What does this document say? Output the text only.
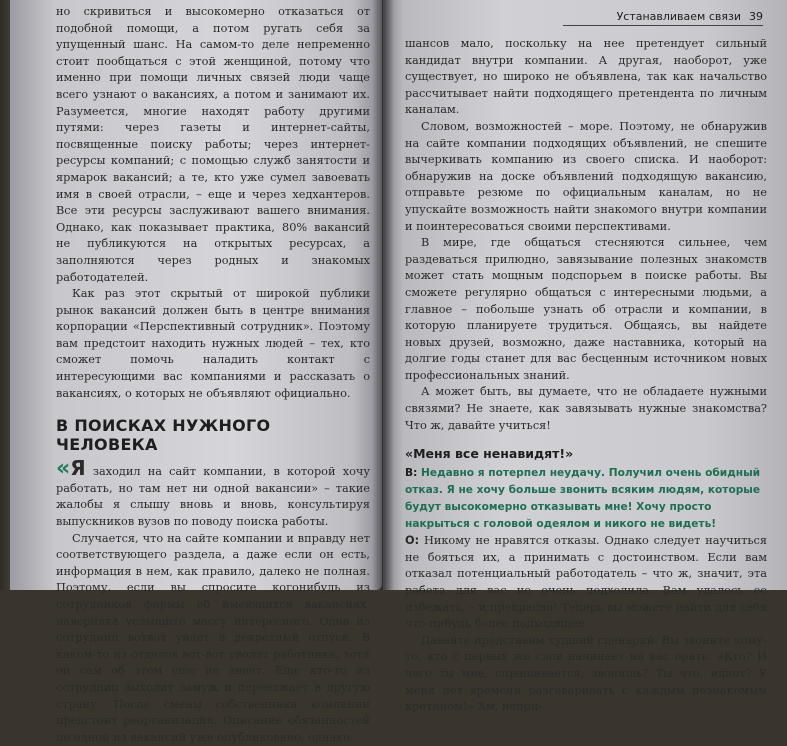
но скривиться и высокомерно отказаться от подобной помощи, а потом ругать себя за упущенный шанс. На самом-то деле непременно стоит пообщаться с этой женщиной, потому что именно при помощи личных связей люди чаще всего узнают о вакансиях, а потом и занимают их. Разумеется, многие находят работу другими путями: через газеты и интернет-сайты, посвященные поиску работы; через интернет-ресурсы компаний; с помощью служб занятости и ярмарок вакансий; а те, кто уже сумел завоевать имя в своей отрасли, – еще и через хедхантеров. Все эти ресурсы заслуживают вашего внимания. Однако, как показывает практика, 80% вакансий не публикуются на открытых ресурсах, а заполняются через родных и знакомых работодателей.

Как раз этот скрытый от широкой публики рынок вакансий должен быть в центре внимания корпорации «Перспективный сотрудник». Поэтому вам предстоит находить нужных людей – тех, кто сможет помочь наладить контакт с интересующими вас компаниями и рассказать о вакансиях, о которых не объявляют официально.

В ПОИСКАХ НУЖНОГО ЧЕЛОВЕКА

«Я заходил на сайт компании, в которой хочу работать, но там нет ни одной вакансии» – такие жалобы я слышу вновь и вновь, консультируя выпускников вузов по поводу поиска работы.

Случается, что на сайте компании и вправду нет соответствующего раздела, а даже если он есть, информация в нем, как правило, далеко не полная. Поэтому, если вы спросите когонибудь из сотрудников фирмы об имеющихся вакансиях, наверняка услышите массу интересного. Одна из сотрудниц вотвот уйдет в декретный отпуск. В каком-то из отделов вот-вот уволят работника, хотя он сам об этом еще не знает. Еще кто-то из сотрудниц выходит замуж и переезжает в другую страну. После смены собственника компании предстоит реорганизация. Описание обязанностей по одной из вакансий уже опубликовано, однако

Устанавливаем связи 39

шансов мало, поскольку на нее претендует сильный кандидат внутри компании. А другая, наоборот, уже существует, но широко не объявлена, так как начальство рассчитывает найти подходящего претендента по личным каналам.

Словом, возможностей – море. Поэтому, не обнаружив на сайте компании подходящих объявлений, не спешите вычеркивать компанию из своего списка. И наоборот: обнаружив на доске объявлений подходящую вакансию, отправьте резюме по официальным каналам, но не упускайте возможность найти знакомого внутри компании и поинтересоваться своими перспективами.

В мире, где общаться стесняются сильнее, чем раздеваться прилюдно, завязывание полезных знакомств может стать мощным подспорьем в поиске работы. Вы сможете регулярно общаться с интересными людьми, а главное – побольше узнать об отрасли и компании, в которую планируете трудиться. Общаясь, вы найдете новых друзей, возможно, даже наставника, который на долгие годы станет для вас бесценным источником новых профессиональных знаний.

А может быть, вы думаете, что не обладаете нужными связями? Не знаете, как завязывать нужные знакомства? Что ж, давайте учиться!

«Меня все ненавидят!»

В: Недавно я потерпел неудачу. Получил очень обидный отказ. Я не хочу больше звонить всяким людям, которые будут высокомерно отказывать мне! Хочу просто накрыться с головой одеялом и никого не видеть!

О: Никому не нравятся отказы. Однако следует научиться не бояться их, а принимать с достоинством. Если вам отказал потенциальный работодатель – что ж, значит, эта работа для вас не очень подходила. Вам удалось ее избежать, – и прекрасно! Теперь вы можете найти для себя что-нибудь более подходящее.

Давайте представим худший сценарий. Вы звоните кому-то, кто с первых же слов начинает на вас орать: «Кто? И чего ты мне, спрашивается, звонишь? Ты что, идиот? У меня нет времени разговаривать с каждым незнакомым кретином!» Хм, непри-
